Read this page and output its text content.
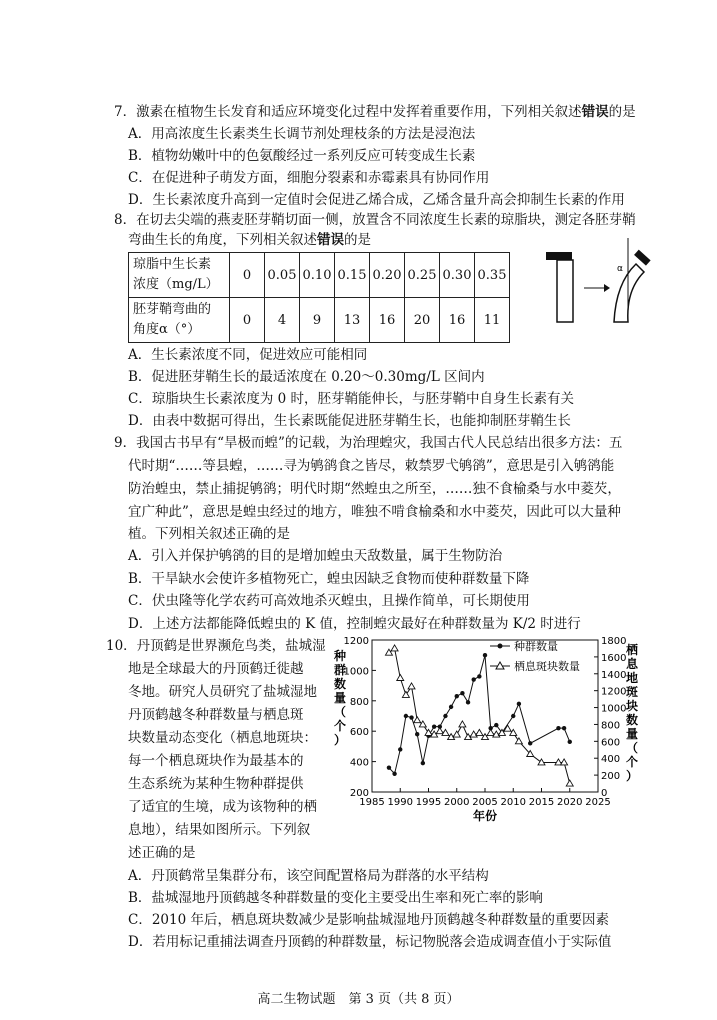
7．激素在植物生长发育和适应环境变化过程中发挥着重要作用，下列相关叙述错误的是
A．用高浓度生长素类生长调节剂处理枝条的方法是浸泡法
B．植物幼嫩叶中的色氨酸经过一系列反应可转变成生长素
C．在促进种子萌发方面，细胞分裂素和赤霉素具有协同作用
D．生长素浓度升高到一定值时会促进乙烯合成，乙烯含量升高会抑制生长素的作用
8．在切去尖端的燕麦胚芽鞘切面一侧，放置含不同浓度生长素的琼脂块，测定各胚芽鞘
弯曲生长的角度，下列相关叙述错误的是
琼脂中生长素
浓度（mg/L）	0	0.05	0.10	0.15	0.20	0.25	0.30	0.35
胚芽鞘弯曲的
角度α（°）	0	4	9	13	16	20	16	11
α
A．生长素浓度不同，促进效应可能相同
B．促进胚芽鞘生长的最适浓度在 0.20～0.30mg/L 区间内
C．琼脂块生长素浓度为 0 时，胚芽鞘能伸长，与胚芽鞘中自身生长素有关
D．由表中数据可得出，生长素既能促进胚芽鞘生长，也能抑制胚芽鞘生长
9．我国古书早有“旱极而蝗”的记载，为治理蝗灾，我国古代人民总结出很多方法：五
代时期“……等县蝗，……寻为鸲鹆食之皆尽，敕禁罗弋鸲鹆”，意思是引入鸲鹆能
防治蝗虫，禁止捕捉鸲鹆；明代时期“然蝗虫之所至，……独不食榆桑与水中菱芡，
宜广种此”，意思是蝗虫经过的地方，唯独不啃食榆桑和水中菱芡，因此可以大量种
植。下列相关叙述正确的是
A．引入并保护鸲鹆的目的是增加蝗虫天敌数量，属于生物防治
B．干旱缺水会使许多植物死亡，蝗虫因缺乏食物而使种群数量下降
C．伏虫隆等化学农药可高效地杀灭蝗虫，且操作简单，可长期使用
D．上述方法都能降低蝗虫的 K 值，控制蝗灾最好在种群数量为 K/2 时进行
10．丹顶鹤是世界濒危鸟类，盐城湿
地是全球最大的丹顶鹤迁徙越
冬地。研究人员研究了盐城湿地
丹顶鹤越冬种群数量与栖息斑
块数量动态变化（栖息地斑块：
每一个栖息斑块作为最基本的
生态系统为某种生物种群提供
了适宜的生境，成为该物种的栖
息地），结果如图所示。下列叙
述正确的是
1985 1990 1995 2000 2005 2010 2015 2020 2025
200
400
600
800
1000
1200
0
200
400
600
800
1000
1200
1400
1600
1800
种群数量（个）
栖息地斑块数量（个）
年份
种群数量
栖息斑块数量
A．丹顶鹤常呈集群分布，该空间配置格局为群落的水平结构
B．盐城湿地丹顶鹤越冬种群数量的变化主要受出生率和死亡率的影响
C．2010 年后，栖息斑块数减少是影响盐城湿地丹顶鹤越冬种群数量的重要因素
D．若用标记重捕法调查丹顶鹤的种群数量，标记物脱落会造成调查值小于实际值
高二生物试题　第 3 页（共 8 页）
